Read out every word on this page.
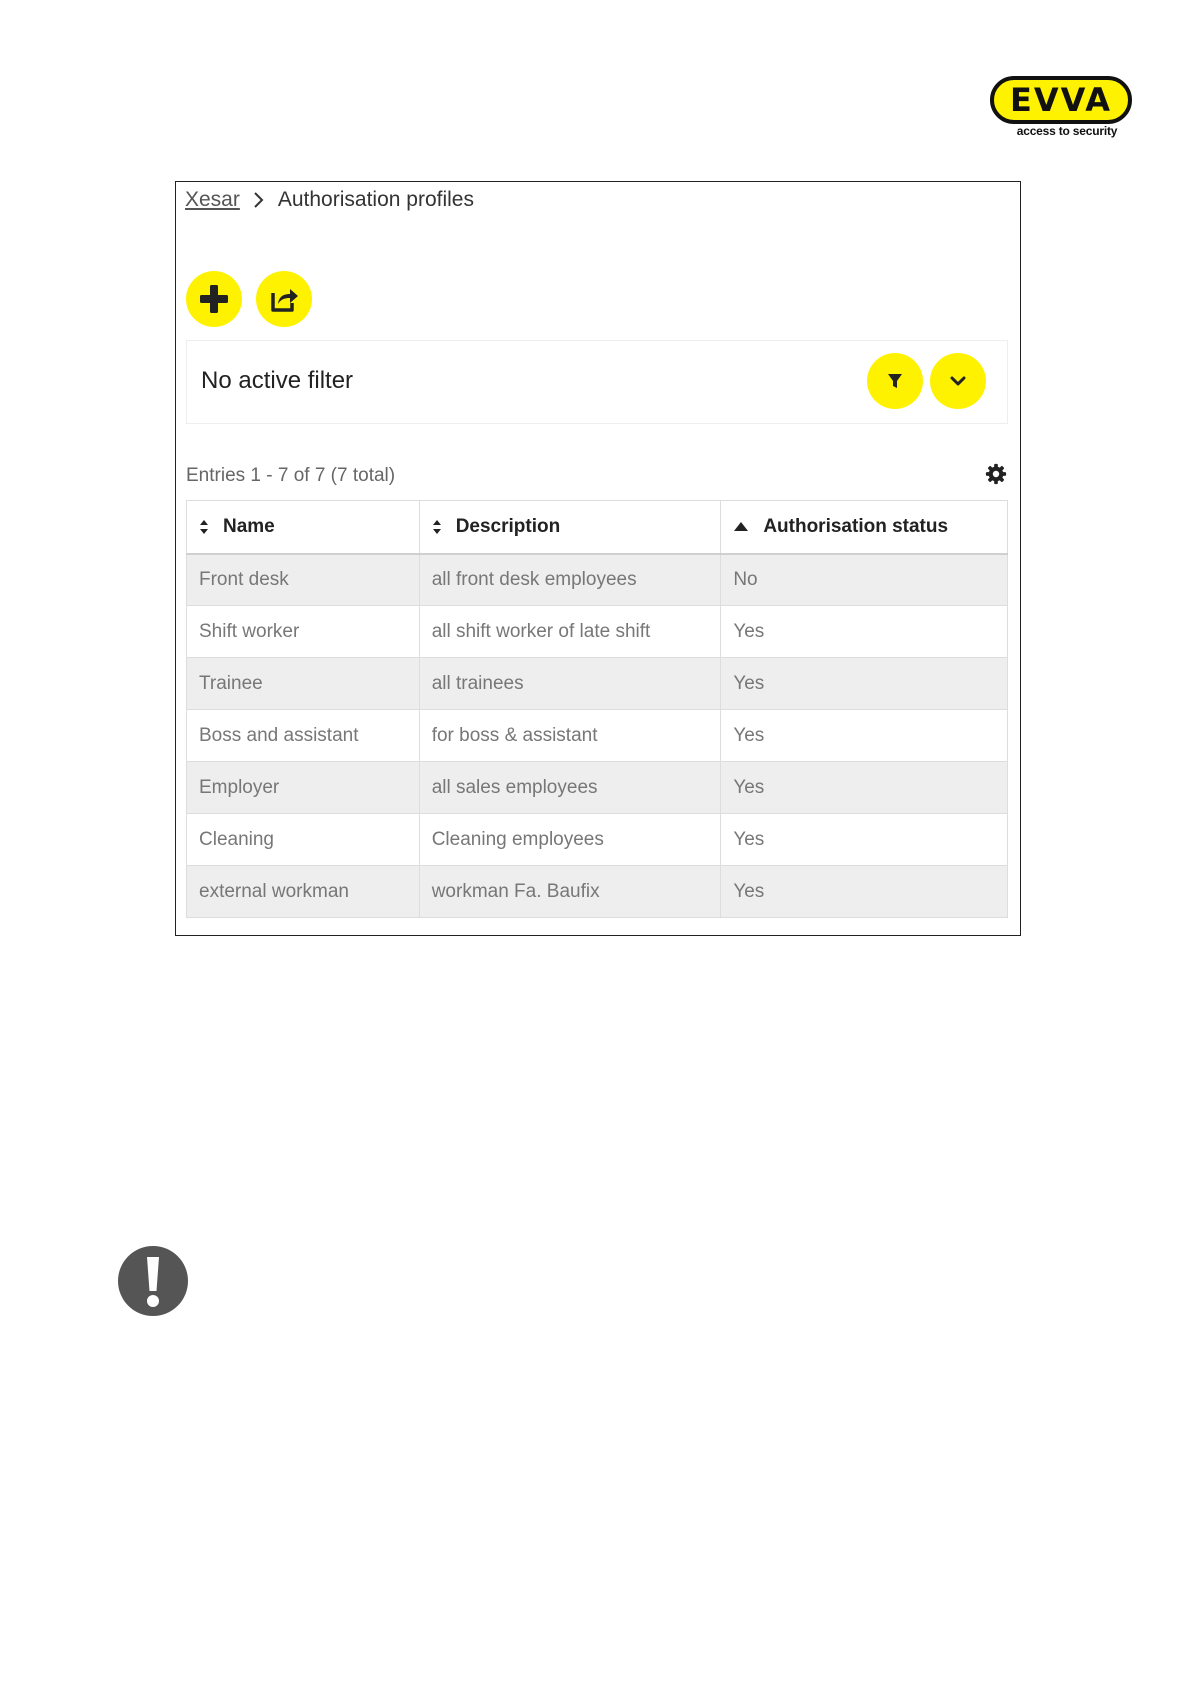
EVVA
access to security
Xesar Authorisation profiles
No active filter
Entries 1 - 7 of 7 (7 total)
Name	Description	Authorisation status
Front desk	all front desk employees	No
Shift worker	all shift worker of late shift	Yes
Trainee	all trainees	Yes
Boss and assistant	for boss & assistant	Yes
Employer	all sales employees	Yes
Cleaning	Cleaning employees	Yes
external workman	workman Fa. Baufix	Yes
